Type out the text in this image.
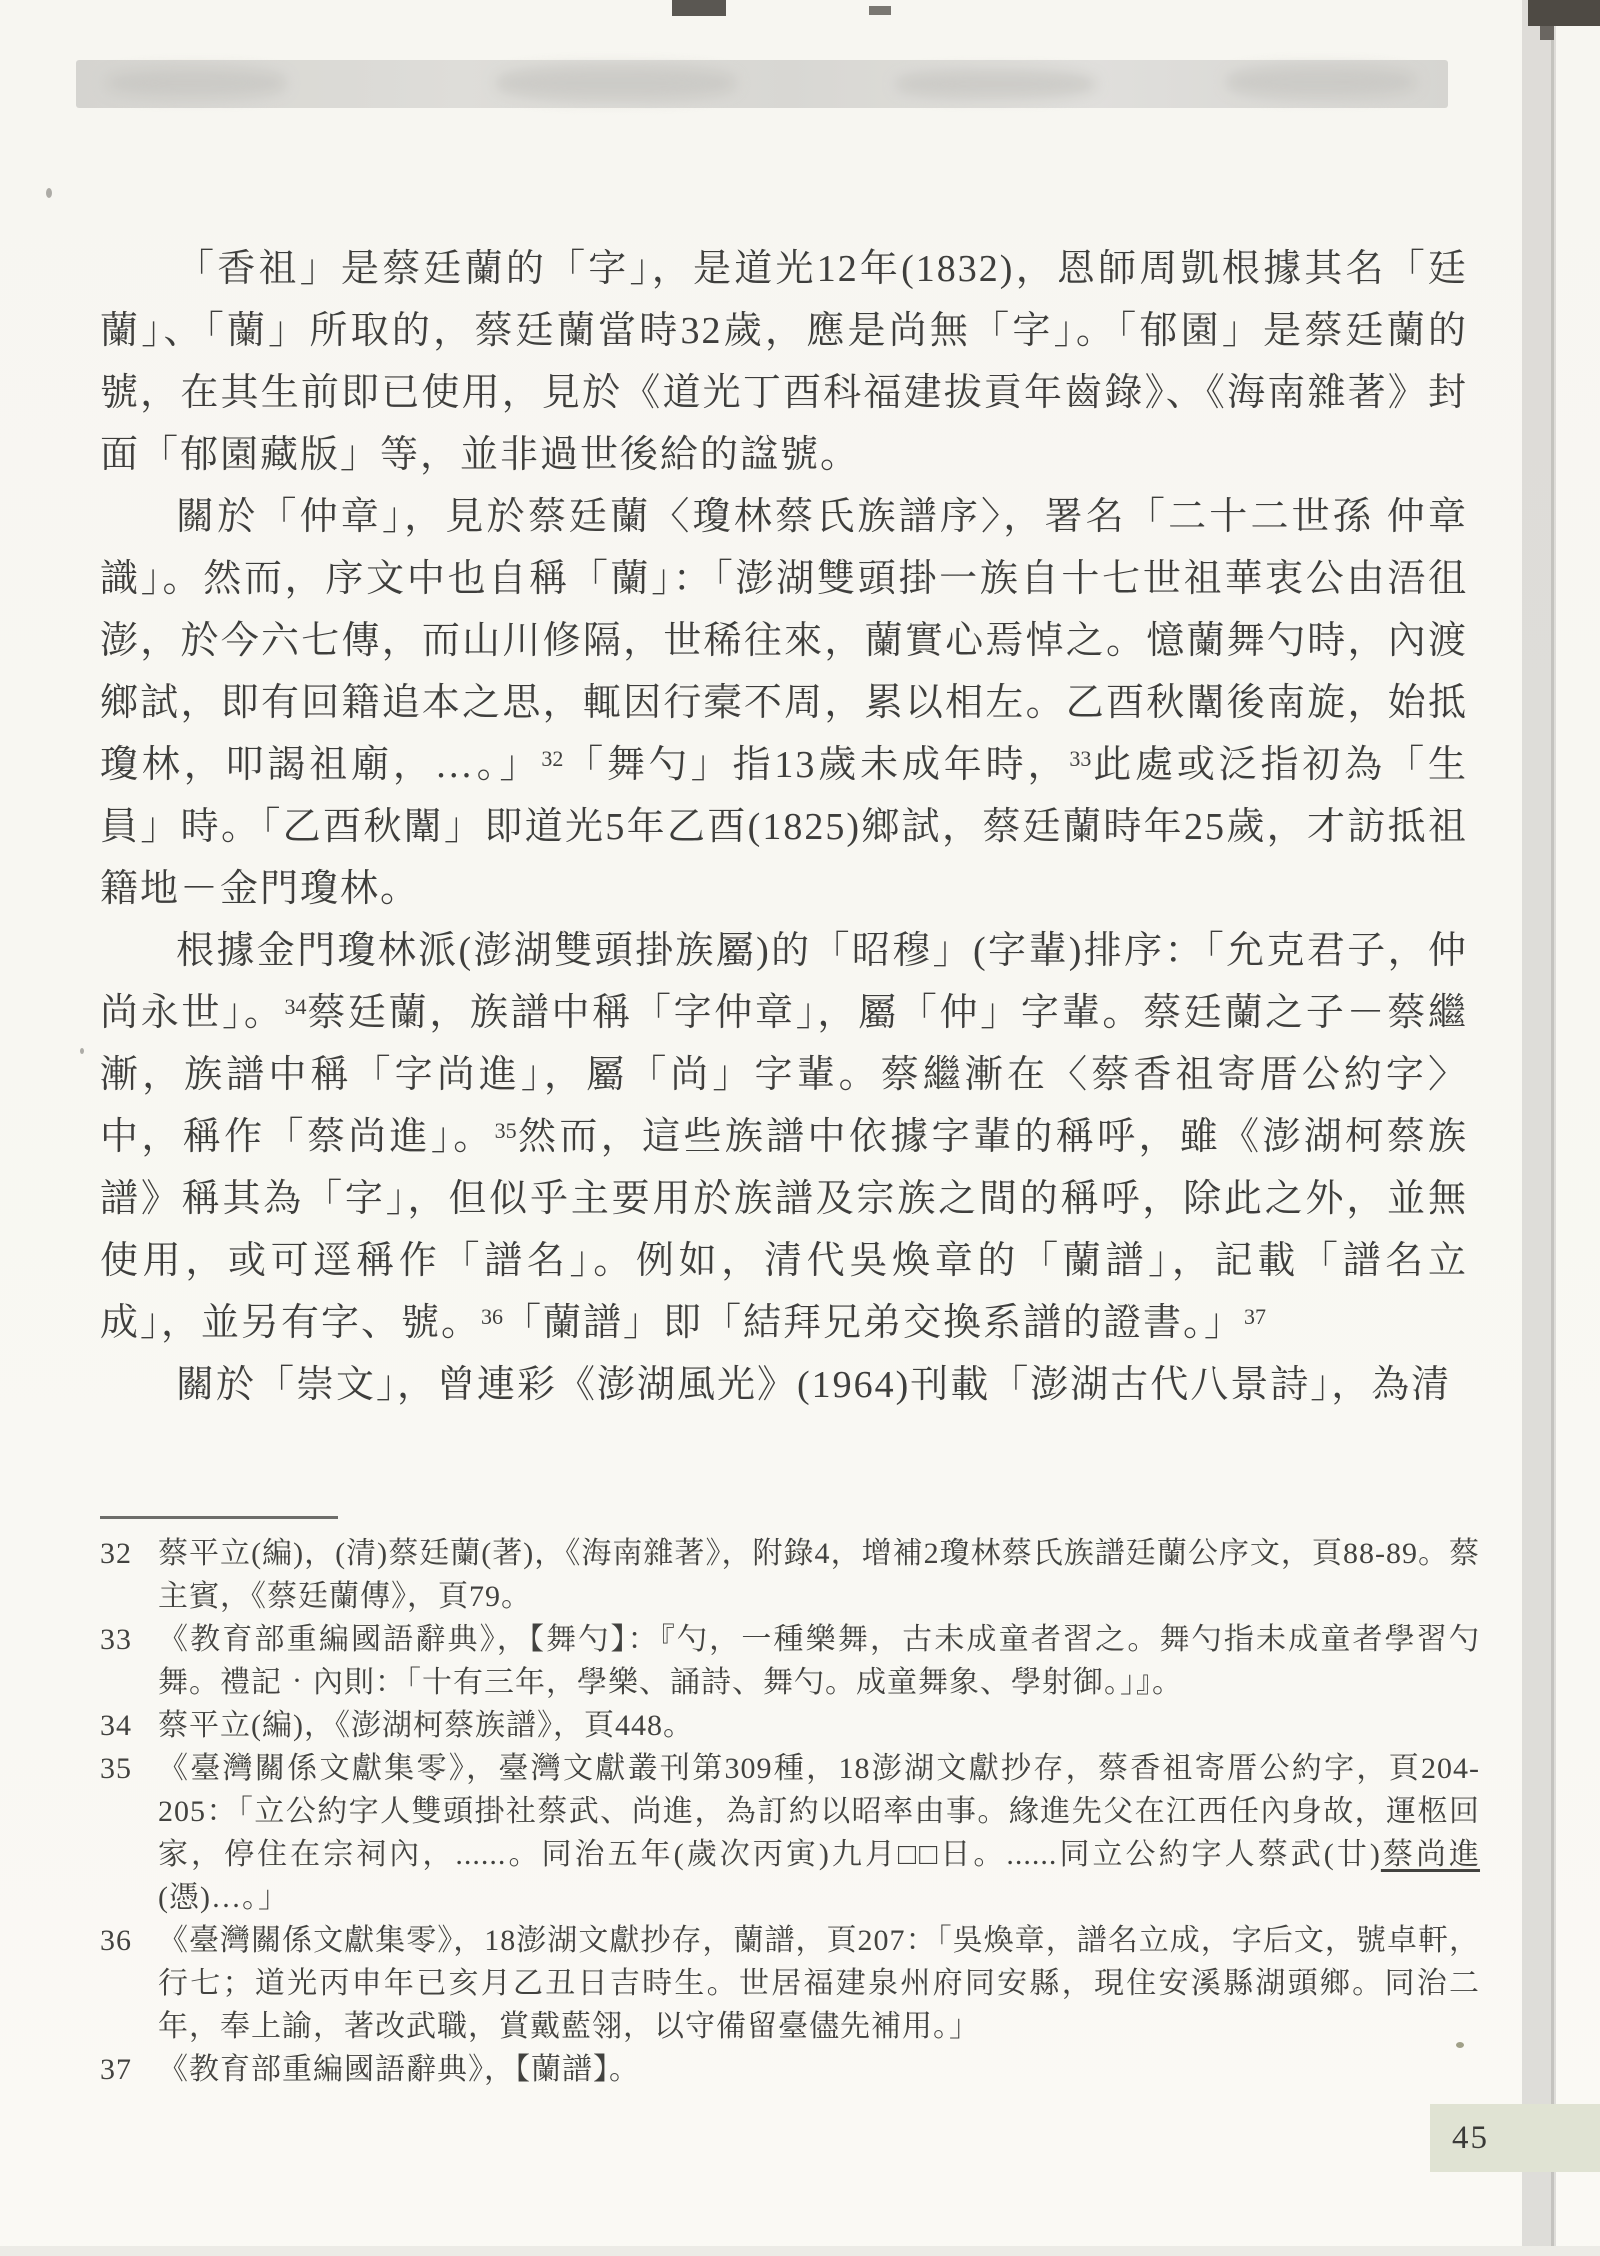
「香祖」是蔡廷蘭的「字」，是道光12年(1832)，恩師周凱根據其名「廷蘭」、「蘭」所取的，蔡廷蘭當時32歲，應是尚無「字」。「郁園」是蔡廷蘭的號，在其生前即已使用，見於《道光丁酉科福建拔貢年齒錄》、《海南雜著》封面「郁園藏版」等，並非過世後給的諡號。

關於「仲章」，見於蔡廷蘭〈瓊林蔡氏族譜序〉，署名「二十二世孫 仲章識」。然而，序文中也自稱「蘭」：「澎湖雙頭掛一族自十七世祖華衷公由浯徂澎，於今六七傳，而山川修隔，世稀往來，蘭實心焉悼之。憶蘭舞勺時，內渡鄉試，即有回籍追本之思，輒因行槖不周，累以相左。乙酉秋闈後南旋，始抵瓊林，叩謁祖廟，…。」$^{32}$「舞勺」指13歲未成年時，$^{33}$此處或泛指初為「生員」時。「乙酉秋闈」即道光5年乙酉(1825)鄉試，蔡廷蘭時年25歲，才訪抵祖籍地－金門瓊林。

根據金門瓊林派(澎湖雙頭掛族屬)的「昭穆」(字輩)排序：「允克君子，仲尚永世」。$^{34}$蔡廷蘭，族譜中稱「字仲章」，屬「仲」字輩。蔡廷蘭之子－蔡繼漸，族譜中稱「字尚進」，屬「尚」字輩。蔡繼漸在〈蔡香祖寄厝公約字〉中，稱作「蔡尚進」。$^{35}$然而，這些族譜中依據字輩的稱呼，雖《澎湖柯蔡族譜》稱其為「字」，但似乎主要用於族譜及宗族之間的稱呼，除此之外，並無使用，或可逕稱作「譜名」。例如，清代吳煥章的「蘭譜」，記載「譜名立成」，並另有字、號。$^{36}$「蘭譜」即「結拜兄弟交換系譜的證書。」$^{37}$

關於「崇文」，曾連彩《澎湖風光》(1964)刊載「澎湖古代八景詩」，為清

32 蔡平立(編)，(清)蔡廷蘭(著)，《海南雜著》，附錄4，增補2瓊林蔡氏族譜廷蘭公序文，頁88-89。蔡主賓，《蔡廷蘭傳》，頁79。
33 《教育部重編國語辭典》，【舞勺】：『勺，一種樂舞，古未成童者習之。舞勺指未成童者學習勺舞。禮記‧內則：「十有三年，學樂、誦詩、舞勺。成童舞象、學射御。」』。
34 蔡平立(編)，《澎湖柯蔡族譜》，頁448。
35 《臺灣關係文獻集零》，臺灣文獻叢刊第309種，18澎湖文獻抄存，蔡香祖寄厝公約字，頁204-205：「立公約字人雙頭掛社蔡武、尚進，為訂約以昭率由事。緣進先父在江西任內身故，運柩回家，停住在宗祠內，......。同治五年(歲次丙寅)九月□□日。......同立公約字人蔡武(廿)蔡尚進(憑)…。」
36 《臺灣關係文獻集零》，18澎湖文獻抄存，蘭譜，頁207：「吳煥章，譜名立成，字后文，號卓軒，行七；道光丙申年已亥月乙丑日吉時生。世居福建泉州府同安縣，現住安溪縣湖頭鄉。同治二年，奉上諭，著改武職，賞戴藍翎，以守備留臺儘先補用。」
37 《教育部重編國語辭典》，【蘭譜】。
45
